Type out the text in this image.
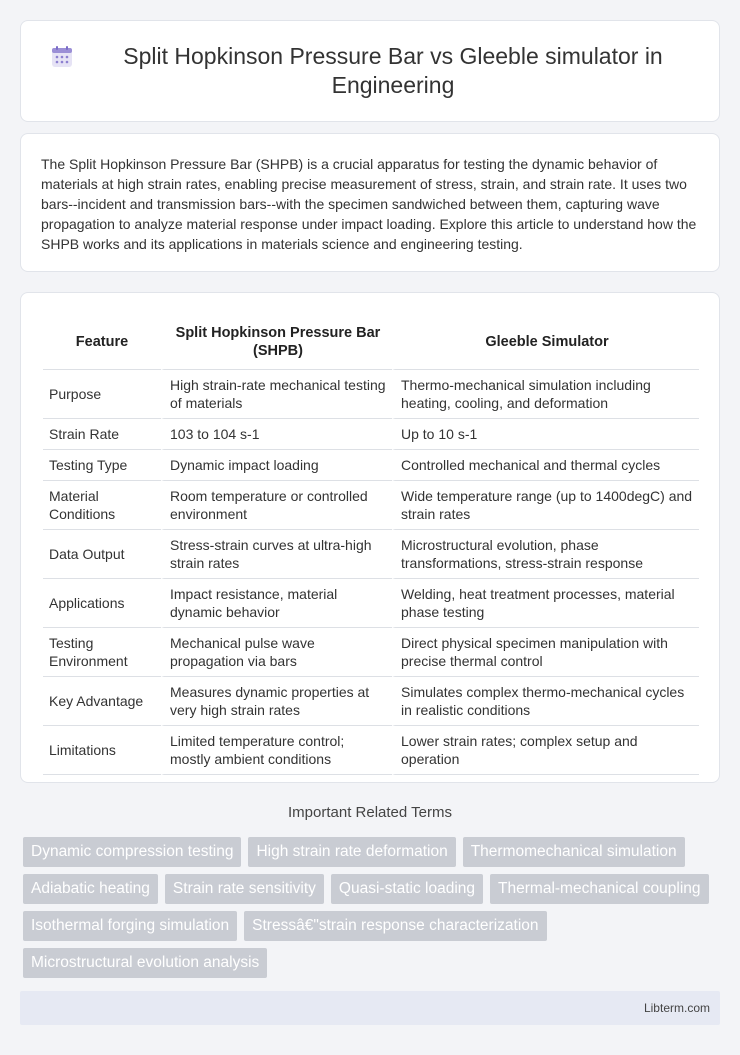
Split Hopkinson Pressure Bar vs Gleeble simulator in Engineering

The Split Hopkinson Pressure Bar (SHPB) is a crucial apparatus for testing the dynamic behavior of materials at high strain rates, enabling precise measurement of stress, strain, and strain rate. It uses two bars--incident and transmission bars--with the specimen sandwiched between them, capturing wave propagation to analyze material response under impact loading. Explore this article to understand how the SHPB works and its applications in materials science and engineering testing.

Feature	Split Hopkinson Pressure Bar (SHPB)	Gleeble Simulator
Purpose	High strain-rate mechanical testing of materials	Thermo-mechanical simulation including heating, cooling, and deformation
Strain Rate	103 to 104 s-1	Up to 10 s-1
Testing Type	Dynamic impact loading	Controlled mechanical and thermal cycles
Material Conditions	Room temperature or controlled environment	Wide temperature range (up to 1400degC) and strain rates
Data Output	Stress-strain curves at ultra-high strain rates	Microstructural evolution, phase transformations, stress-strain response
Applications	Impact resistance, material dynamic behavior	Welding, heat treatment processes, material phase testing
Testing Environment	Mechanical pulse wave propagation via bars	Direct physical specimen manipulation with precise thermal control
Key Advantage	Measures dynamic properties at very high strain rates	Simulates complex thermo-mechanical cycles in realistic conditions
Limitations	Limited temperature control; mostly ambient conditions	Lower strain rates; complex setup and operation
Important Related Terms
Dynamic compression testing	High strain rate deformation	Thermomechanical simulation
Adiabatic heating	Strain rate sensitivity	Quasi-static loading	Thermal-mechanical coupling
Isothermal forging simulation	Stressâ€"strain response characterization
Microstructural evolution analysis
Libterm.com
